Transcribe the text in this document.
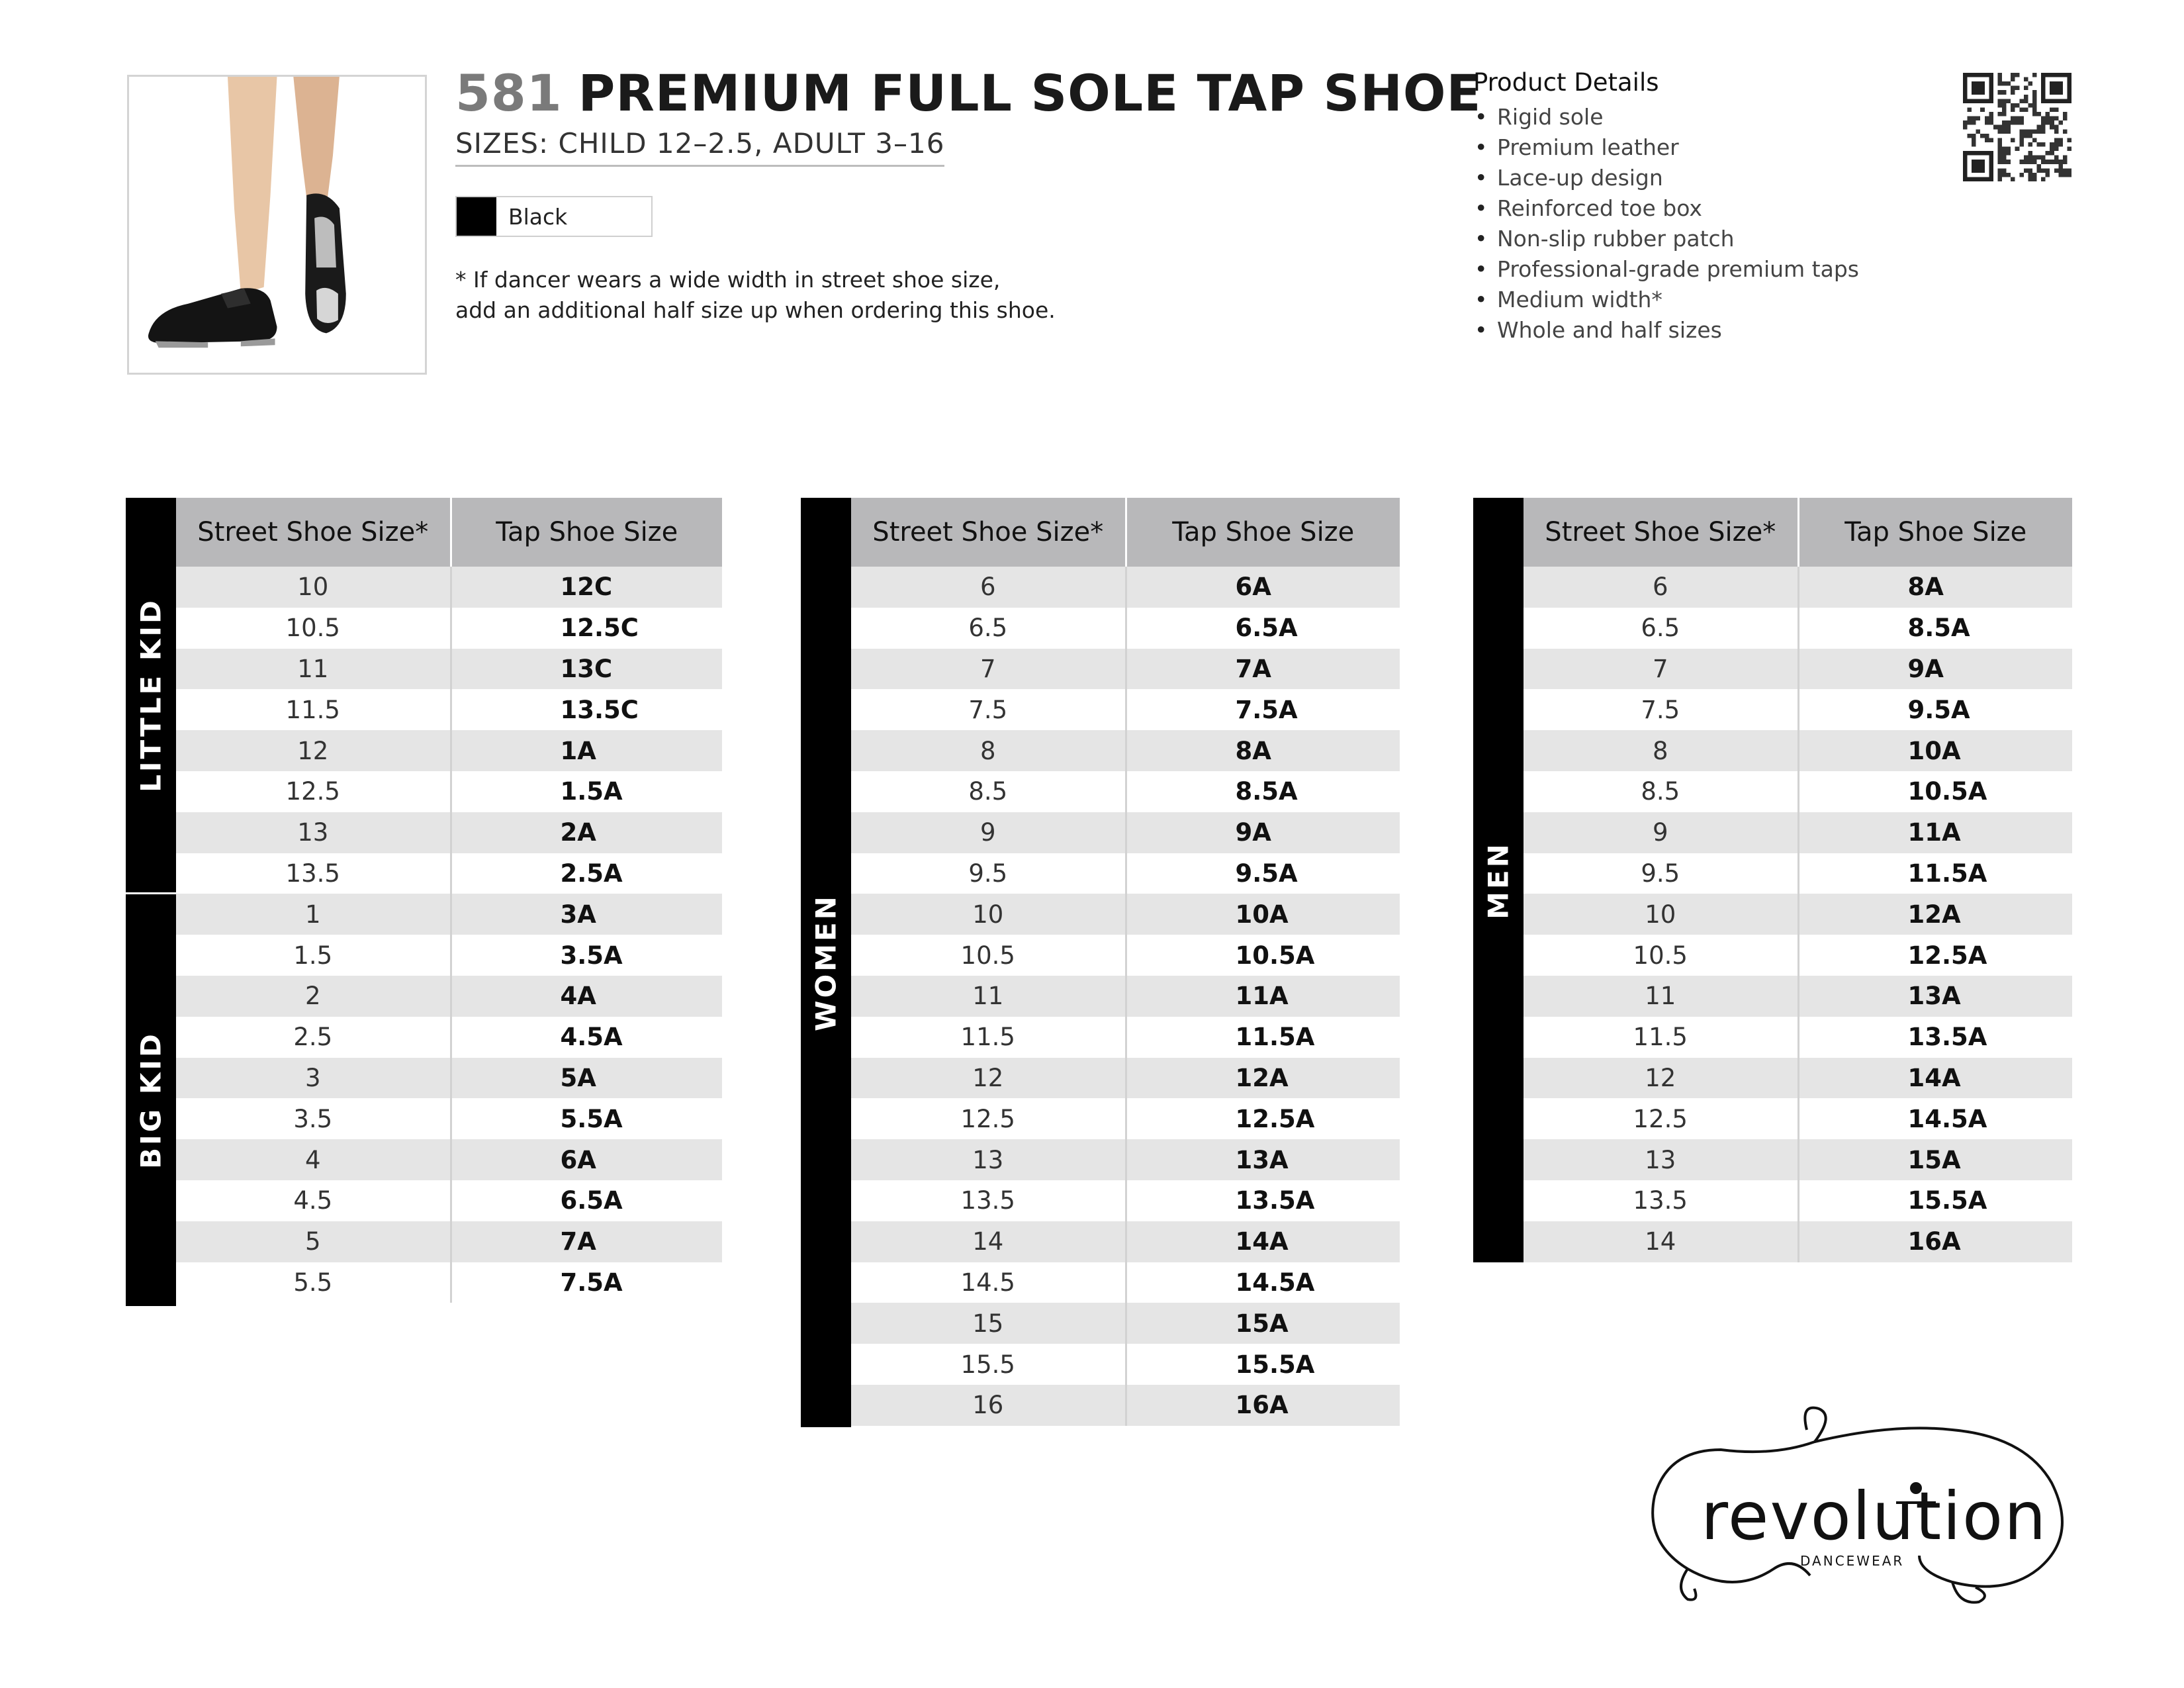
581 PREMIUM FULL SOLE TAP SHOE
SIZES: CHILD 12–2.5, ADULT 3–16
Black
* If dancer wears a wide width in street shoe size,
add an additional half size up when ordering this shoe.
Product Details
• Rigid sole
• Premium leather
• Lace-up design
• Reinforced toe box
• Non-slip rubber patch
• Professional-grade premium taps
• Medium width*
• Whole and half sizes
LITTLE KID
BIG KID
Street Shoe Size*	Tap Shoe Size
10	12C
10.5	12.5C
11	13C
11.5	13.5C
12	1A
12.5	1.5A
13	2A
13.5	2.5A
1	3A
1.5	3.5A
2	4A
2.5	4.5A
3	5A
3.5	5.5A
4	6A
4.5	6.5A
5	7A
5.5	7.5A
WOMEN
Street Shoe Size*	Tap Shoe Size
6	6A
6.5	6.5A
7	7A
7.5	7.5A
8	8A
8.5	8.5A
9	9A
9.5	9.5A
10	10A
10.5	10.5A
11	11A
11.5	11.5A
12	12A
12.5	12.5A
13	13A
13.5	13.5A
14	14A
14.5	14.5A
15	15A
15.5	15.5A
16	16A
MEN
Street Shoe Size*	Tap Shoe Size
6	8A
6.5	8.5A
7	9A
7.5	9.5A
8	10A
8.5	10.5A
9	11A
9.5	11.5A
10	12A
10.5	12.5A
11	13A
11.5	13.5A
12	14A
12.5	14.5A
13	15A
13.5	15.5A
14	16A
revolution
DANCEWEAR
